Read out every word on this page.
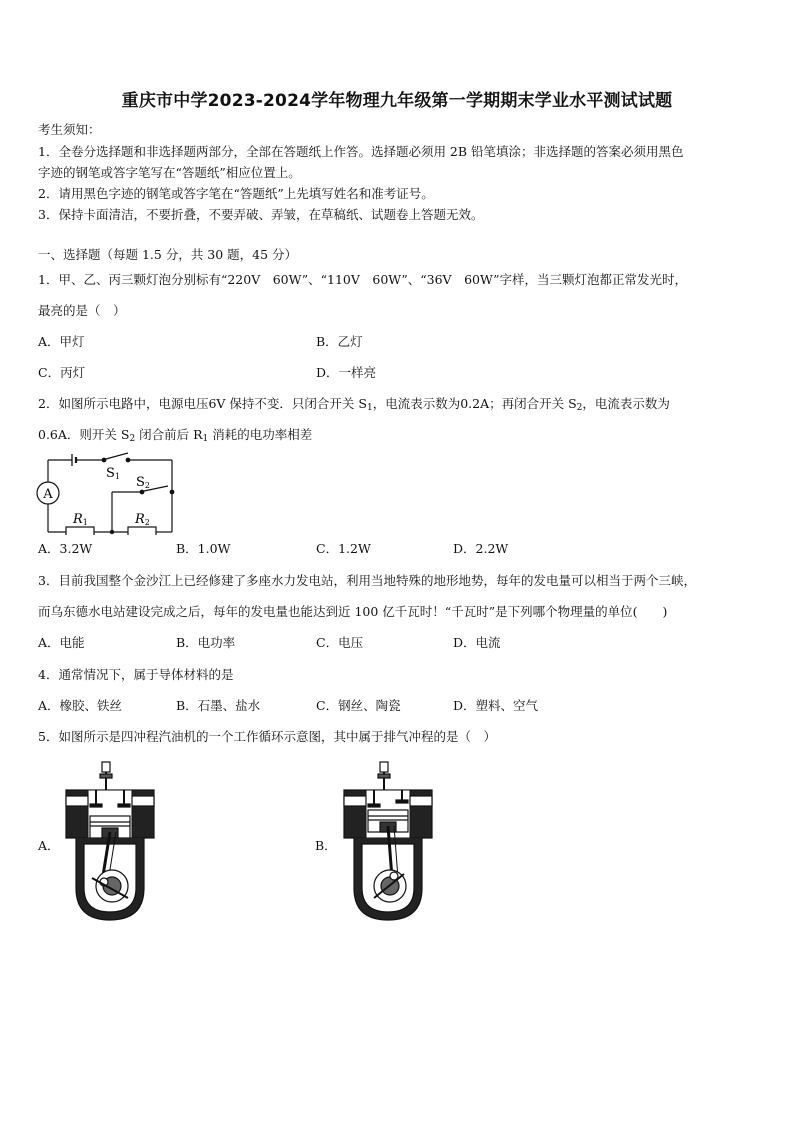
重庆市中学2023-2024学年物理九年级第一学期期末学业水平测试试题
考生须知：
1．全卷分选择题和非选择题两部分，全部在答题纸上作答。选择题必须用 2B 铅笔填涂；非选择题的答案必须用黑色
字迹的钢笔或答字笔写在“答题纸”相应位置上。
2．请用黑色字迹的钢笔或答字笔在“答题纸”上先填写姓名和准考证号。
3．保持卡面清洁，不要折叠，不要弄破、弄皱，在草稿纸、试题卷上答题无效。
一、选择题（每题 1.5 分，共 30 题，45 分）
1．甲、乙、丙三颗灯泡分别标有“220V　60W”、“110V　60W”、“36V　60W”字样，当三颗灯泡都正常发光时，
最亮的是（　）
A．甲灯	B．乙灯
C．丙灯	D．一样亮
2．如图所示电路中，电源电压6V 保持不变．只闭合开关 $S_1$，电流表示数为0.2A；再闭合开关 $S_2$，电流表示数为
0.6A．则开关 $S_2$ 闭合前后 $R_1$ 消耗的电功率相差
A
S1 S2
R1	R2
A．3.2W	B．1.0W	C．1.2W	D．2.2W
3．目前我国整个金沙江上已经修建了多座水力发电站，利用当地特殊的地形地势，每年的发电量可以相当于两个三峡，
而乌东德水电站建设完成之后，每年的发电量也能达到近 100 亿千瓦时！“千瓦时”是下列哪个物理量的单位(　　)
A．电能	B．电功率	C．电压	D．电流
4．通常情况下，属于导体材料的是
A．橡胶、铁丝	B．石墨、盐水	C．钢丝、陶瓷	D．塑料、空气
5．如图所示是四冲程汽油机的一个工作循环示意图，其中属于排气冲程的是（　）
A．	B．
